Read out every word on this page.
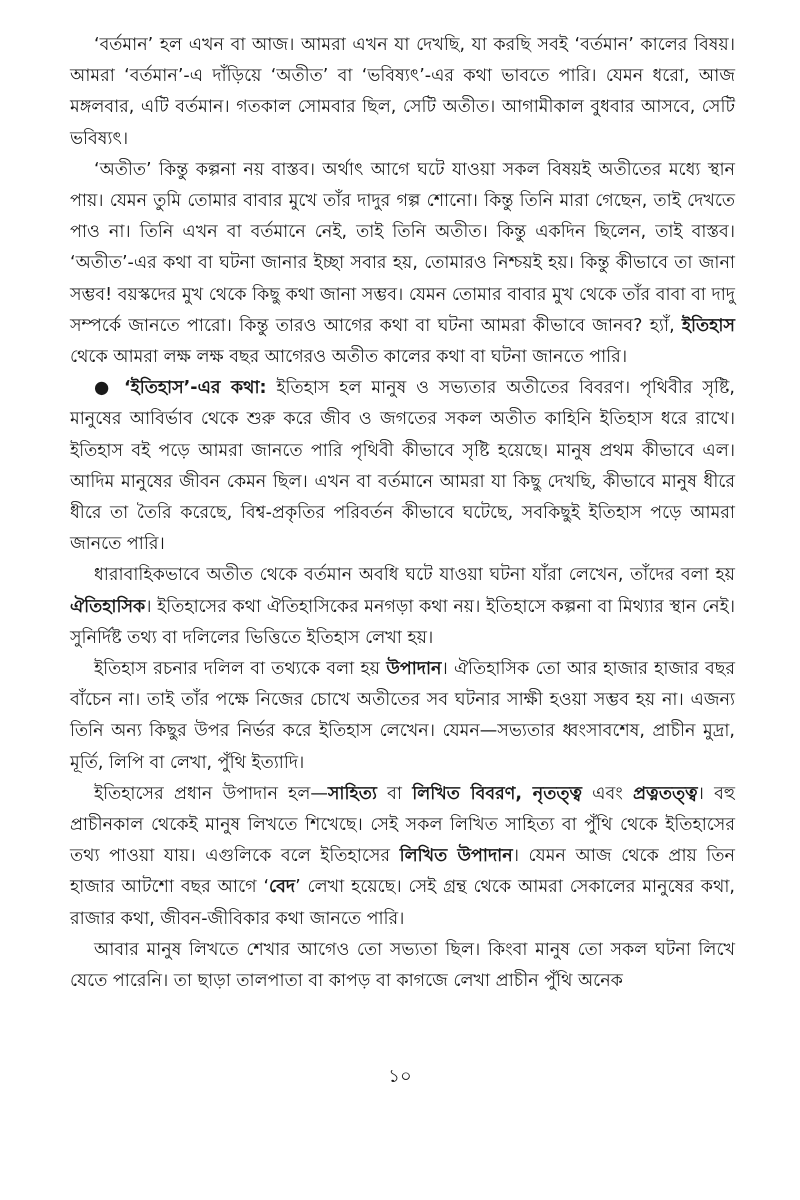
‘বর্তমান’ হল এখন বা আজ। আমরা এখন যা দেখছি, যা করছি সবই ‘বর্তমান’ কালের বিষয়। আমরা ‘বর্তমান’-এ দাঁড়িয়ে ‘অতীত’ বা ‘ভবিষ্যৎ’-এর কথা ভাবতে পারি। যেমন ধরো, আজ মঙ্গলবার, এটি বর্তমান। গতকাল সোমবার ছিল, সেটি অতীত। আগামীকাল বুধবার আসবে, সেটি ভবিষ্যৎ।

‘অতীত’ কিন্তু কল্পনা নয় বাস্তব। অর্থাৎ আগে ঘটে যাওয়া সকল বিষয়ই অতীতের মধ্যে স্থান পায়। যেমন তুমি তোমার বাবার মুখে তাঁর দাদুর গল্প শোনো। কিন্তু তিনি মারা গেছেন, তাই দেখতে পাও না। তিনি এখন বা বর্তমানে নেই, তাই তিনি অতীত। কিন্তু একদিন ছিলেন, তাই বাস্তব। ‘অতীত’-এর কথা বা ঘটনা জানার ইচ্ছা সবার হয়, তোমারও নিশ্চয়ই হয়। কিন্তু কীভাবে তা জানা সম্ভব! বয়স্কদের মুখ থেকে কিছু কথা জানা সম্ভব। যেমন তোমার বাবার মুখ থেকে তাঁর বাবা বা দাদু সম্পর্কে জানতে পারো। কিন্তু তারও আগের কথা বা ঘটনা আমরা কীভাবে জানব? হ্যাঁ, ইতিহাস থেকে আমরা লক্ষ লক্ষ বছর আগেরও অতীত কালের কথা বা ঘটনা জানতে পারি।

● ‘ইতিহাস’-এর কথা: ইতিহাস হল মানুষ ও সভ্যতার অতীতের বিবরণ। পৃথিবীর সৃষ্টি, মানুষের আবির্ভাব থেকে শুরু করে জীব ও জগতের সকল অতীত কাহিনি ইতিহাস ধরে রাখে। ইতিহাস বই পড়ে আমরা জানতে পারি পৃথিবী কীভাবে সৃষ্টি হয়েছে। মানুষ প্রথম কীভাবে এল। আদিম মানুষের জীবন কেমন ছিল। এখন বা বর্তমানে আমরা যা কিছু দেখছি, কীভাবে মানুষ ধীরে ধীরে তা তৈরি করেছে, বিশ্ব-প্রকৃতির পরিবর্তন কীভাবে ঘটেছে, সবকিছুই ইতিহাস পড়ে আমরা জানতে পারি।

ধারাবাহিকভাবে অতীত থেকে বর্তমান অবধি ঘটে যাওয়া ঘটনা যাঁরা লেখেন, তাঁদের বলা হয় ঐতিহাসিক। ইতিহাসের কথা ঐতিহাসিকের মনগড়া কথা নয়। ইতিহাসে কল্পনা বা মিথ্যার স্থান নেই। সুনির্দিষ্ট তথ্য বা দলিলের ভিত্তিতে ইতিহাস লেখা হয়।

ইতিহাস রচনার দলিল বা তথ্যকে বলা হয় উপাদান। ঐতিহাসিক তো আর হাজার হাজার বছর বাঁচেন না। তাই তাঁর পক্ষে নিজের চোখে অতীতের সব ঘটনার সাক্ষী হওয়া সম্ভব হয় না। এজন্য তিনি অন্য কিছুর উপর নির্ভর করে ইতিহাস লেখেন। যেমন—সভ্যতার ধ্বংসাবশেষ, প্রাচীন মুদ্রা, মূর্তি, লিপি বা লেখা, পুঁথি ইত্যাদি।

ইতিহাসের প্রধান উপাদান হল—সাহিত্য বা লিখিত বিবরণ, নৃতত্ত্ব এবং প্রত্নতত্ত্ব। বহু প্রাচীনকাল থেকেই মানুষ লিখতে শিখেছে। সেই সকল লিখিত সাহিত্য বা পুঁথি থেকে ইতিহাসের তথ্য পাওয়া যায়। এগুলিকে বলে ইতিহাসের লিখিত উপাদান। যেমন আজ থেকে প্রায় তিন হাজার আটশো বছর আগে ‘বেদ’ লেখা হয়েছে। সেই গ্রন্থ থেকে আমরা সেকালের মানুষের কথা, রাজার কথা, জীবন-জীবিকার কথা জানতে পারি।

আবার মানুষ লিখতে শেখার আগেও তো সভ্যতা ছিল। কিংবা মানুষ তো সকল ঘটনা লিখে যেতে পারেনি। তা ছাড়া তালপাতা বা কাপড় বা কাগজে লেখা প্রাচীন পুঁথি অনেক

১০
